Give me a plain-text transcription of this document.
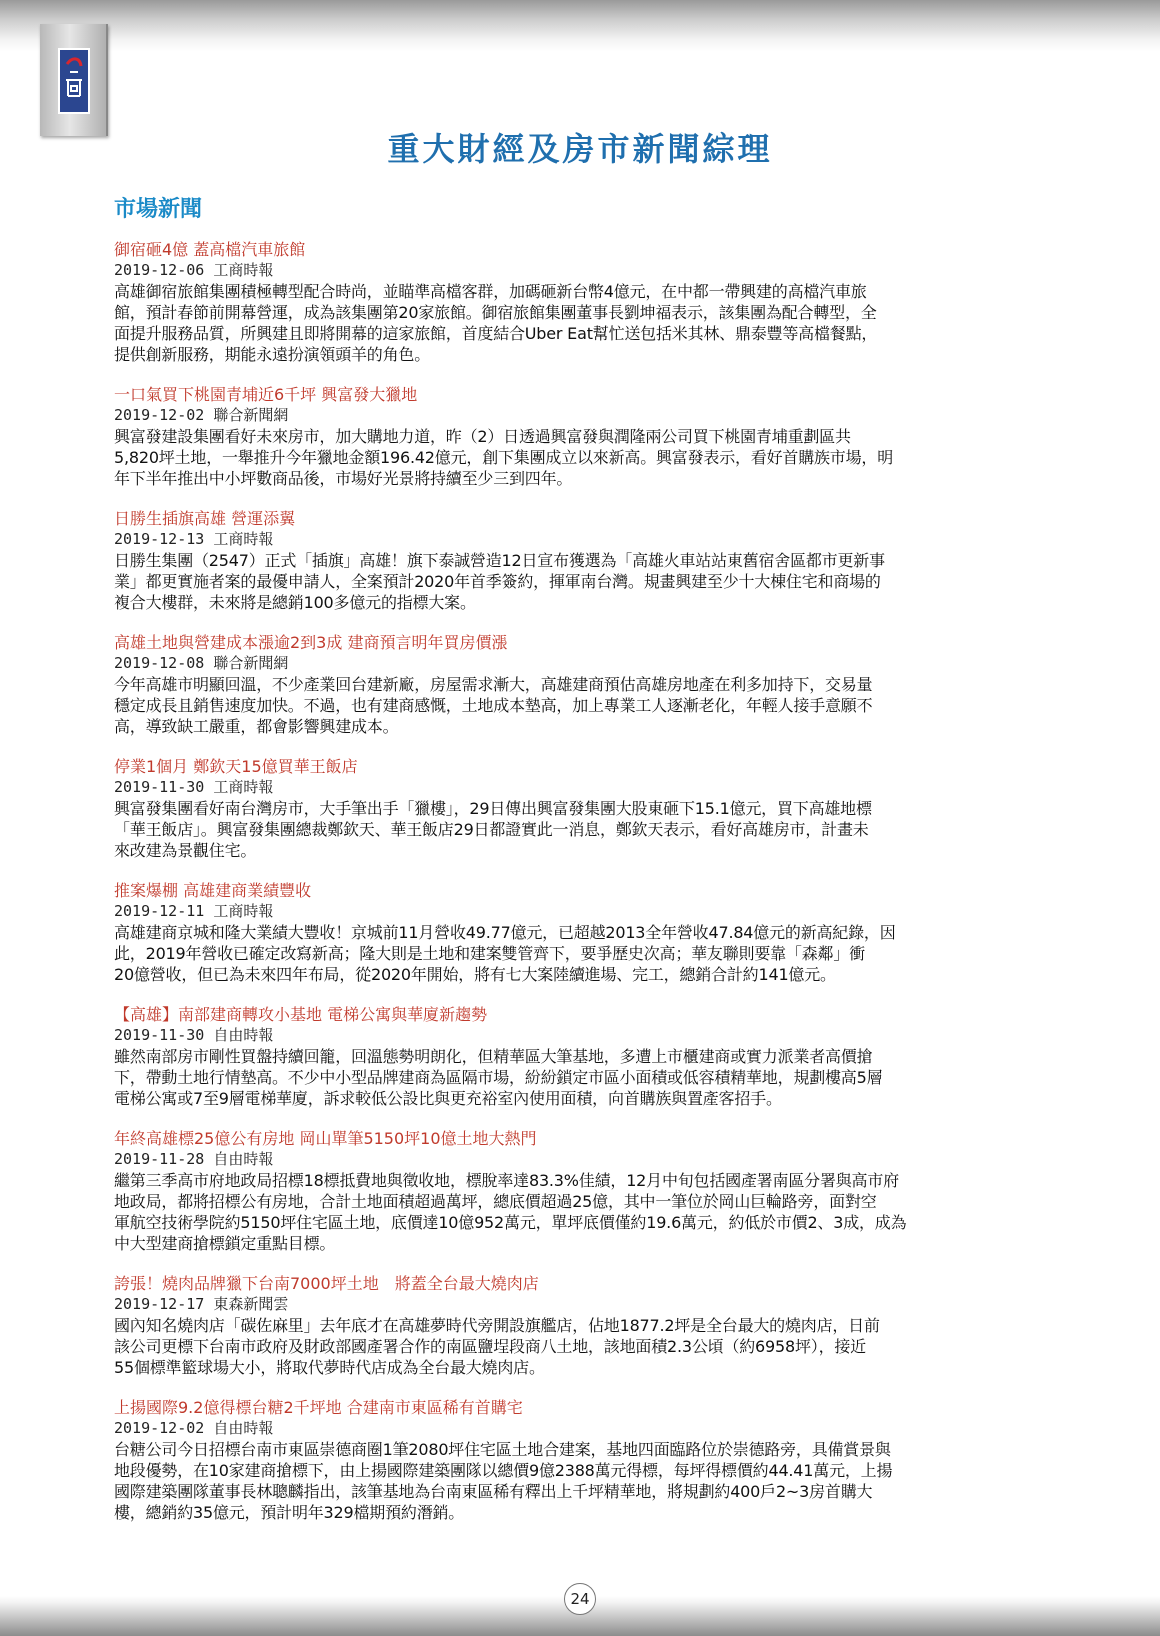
重大財經及房市新聞綜理
市場新聞
御宿砸4億 蓋高檔汽車旅館
2019-12-06 工商時報
高雄御宿旅館集團積極轉型配合時尚，並瞄準高檔客群，加碼砸新台幣4億元，在中都一帶興建的高檔汽車旅
館，預計春節前開幕營運，成為該集團第20家旅館。御宿旅館集團董事長劉坤福表示，該集團為配合轉型，全
面提升服務品質，所興建且即將開幕的這家旅館，首度結合Uber Eat幫忙送包括米其林、鼎泰豐等高檔餐點，
提供創新服務，期能永遠扮演領頭羊的角色。
一口氣買下桃園青埔近6千坪 興富發大獵地
2019-12-02 聯合新聞網
興富發建設集團看好未來房市，加大購地力道，昨（2）日透過興富發與潤隆兩公司買下桃園青埔重劃區共
5,820坪土地，一舉推升今年獵地金額196.42億元，創下集團成立以來新高。興富發表示，看好首購族市場，明
年下半年推出中小坪數商品後，市場好光景將持續至少三到四年。
日勝生插旗高雄 營運添翼
2019-12-13 工商時報
日勝生集團（2547）正式「插旗」高雄！旗下泰誠營造12日宣布獲選為「高雄火車站站東舊宿舍區都市更新事
業」都更實施者案的最優申請人，全案預計2020年首季簽約，揮軍南台灣。規畫興建至少十大棟住宅和商場的
複合大樓群，未來將是總銷100多億元的指標大案。
高雄土地與營建成本漲逾2到3成 建商預言明年買房價漲
2019-12-08 聯合新聞網
今年高雄市明顯回溫，不少產業回台建新廠，房屋需求漸大，高雄建商預估高雄房地產在利多加持下，交易量
穩定成長且銷售速度加快。不過，也有建商感慨，土地成本墊高，加上專業工人逐漸老化，年輕人接手意願不
高，導致缺工嚴重，都會影響興建成本。
停業1個月 鄭欽天15億買華王飯店
2019-11-30 工商時報
興富發集團看好南台灣房市，大手筆出手「獵樓」，29日傳出興富發集團大股東砸下15.1億元，買下高雄地標
「華王飯店」。興富發集團總裁鄭欽天、華王飯店29日都證實此一消息，鄭欽天表示，看好高雄房市，計畫未
來改建為景觀住宅。
推案爆棚 高雄建商業績豐收
2019-12-11 工商時報
高雄建商京城和隆大業績大豐收！京城前11月營收49.77億元，已超越2013全年營收47.84億元的新高紀錄，因
此，2019年營收已確定改寫新高；隆大則是土地和建案雙管齊下，要爭歷史次高；華友聯則要靠「森鄰」衝
20億營收，但已為未來四年布局，從2020年開始，將有七大案陸續進場、完工，總銷合計約141億元。
【高雄】南部建商轉攻小基地 電梯公寓與華廈新趨勢
2019-11-30 自由時報
雖然南部房市剛性買盤持續回籠，回溫態勢明朗化，但精華區大筆基地，多遭上市櫃建商或實力派業者高價搶
下，帶動土地行情墊高。不少中小型品牌建商為區隔市場，紛紛鎖定市區小面積或低容積精華地，規劃樓高5層
電梯公寓或7至9層電梯華廈，訴求較低公設比與更充裕室內使用面積，向首購族與置產客招手。
年終高雄標25億公有房地 岡山單筆5150坪10億土地大熱門
2019-11-28 自由時報
繼第三季高市府地政局招標18標抵費地與徵收地，標脫率達83.3%佳績，12月中旬包括國產署南區分署與高市府
地政局，都將招標公有房地，合計土地面積超過萬坪，總底價超過25億，其中一筆位於岡山巨輪路旁，面對空
軍航空技術學院約5150坪住宅區土地，底價達10億952萬元，單坪底價僅約19.6萬元，約低於市價2、3成，成為
中大型建商搶標鎖定重點目標。
誇張！燒肉品牌獵下台南7000坪土地　將蓋全台最大燒肉店
2019-12-17 東森新聞雲
國內知名燒肉店「碳佐麻里」去年底才在高雄夢時代旁開設旗艦店，佔地1877.2坪是全台最大的燒肉店，日前
該公司更標下台南市政府及財政部國產署合作的南區鹽埕段商八土地，該地面積2.3公頃（約6958坪），接近
55個標準籃球場大小，將取代夢時代店成為全台最大燒肉店。
上揚國際9.2億得標台糖2千坪地 合建南市東區稀有首購宅
2019-12-02 自由時報
台糖公司今日招標台南市東區崇德商圈1筆2080坪住宅區土地合建案，基地四面臨路位於崇德路旁，具備賞景與
地段優勢，在10家建商搶標下，由上揚國際建築團隊以總價9億2388萬元得標，每坪得標價約44.41萬元，上揚
國際建築團隊董事長林聰麟指出，該筆基地為台南東區稀有釋出上千坪精華地，將規劃約400戶2~3房首購大
樓，總銷約35億元，預計明年329檔期預約潛銷。
24
